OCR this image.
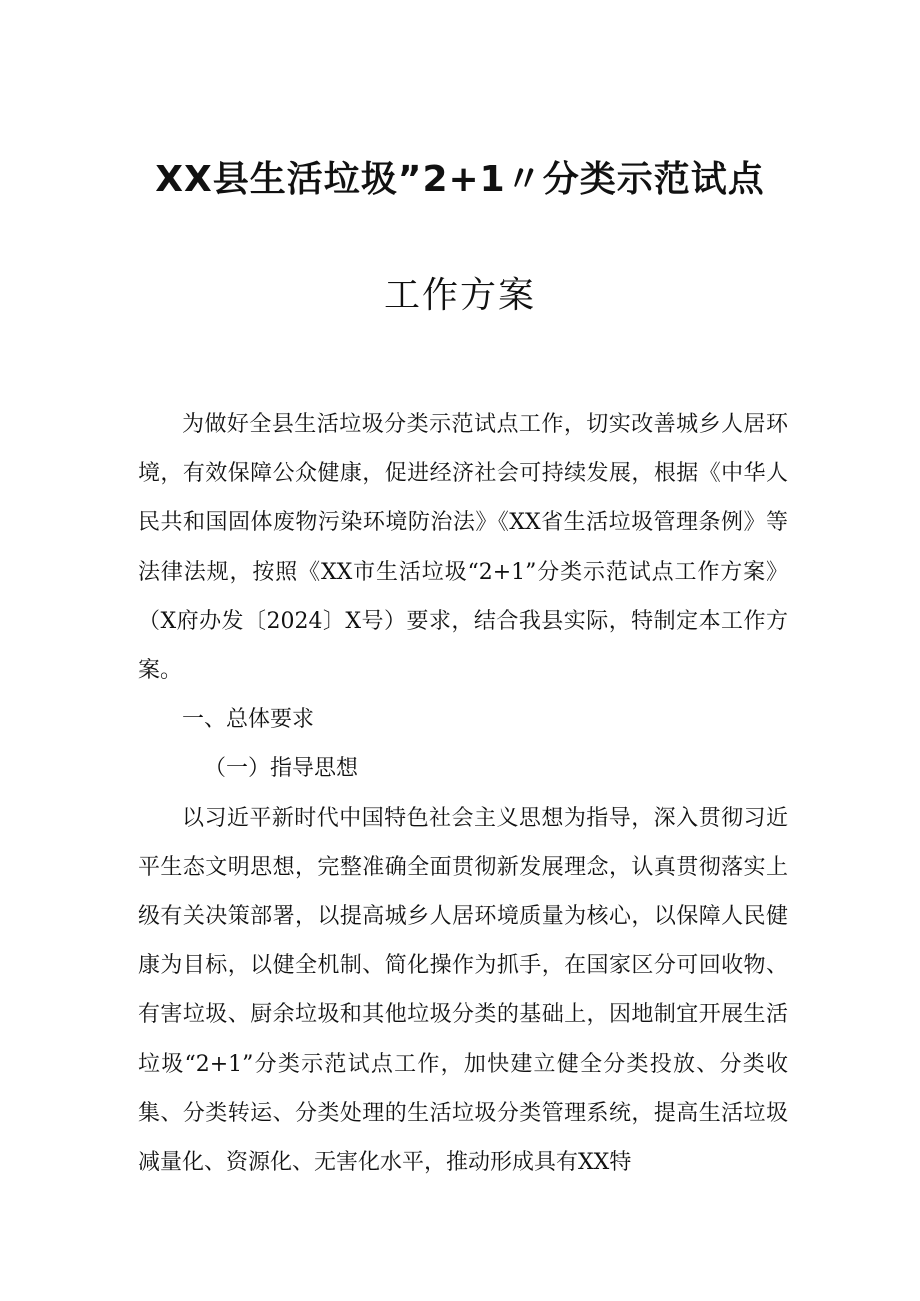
XX县生活垃圾”2+1〃分类示范试点
工作方案

为做好全县生活垃圾分类示范试点工作，切实改善城乡人居环境，有效保障公众健康，促进经济社会可持续发展，根据《中华人民共和国固体废物污染环境防治法》《XX省生活垃圾管理条例》等法律法规，按照《XX市生活垃圾“2+1”分类示范试点工作方案》（X府办发〔2024〕X号）要求，结合我县实际，特制定本工作方案。

一、总体要求

（一）指导思想

以习近平新时代中国特色社会主义思想为指导，深入贯彻习近平生态文明思想，完整准确全面贯彻新发展理念，认真贯彻落实上级有关决策部署，以提高城乡人居环境质量为核心，以保障人民健康为目标，以健全机制、简化操作为抓手，在国家区分可回收物、有害垃圾、厨余垃圾和其他垃圾分类的基础上，因地制宜开展生活垃圾“2+1”分类示范试点工作，加快建立健全分类投放、分类收集、分类转运、分类处理的生活垃圾分类管理系统，提高生活垃圾减量化、资源化、无害化水平，推动形成具有XX特
